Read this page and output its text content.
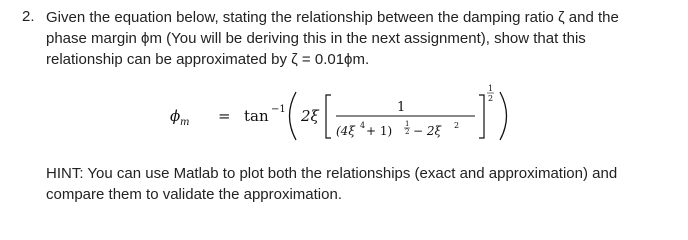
2. Given the equation below, stating the relationship between the damping ratio ζ and the
phase margin ϕm (You will be deriving this in the next assignment), show that this
relationship can be approximated by ζ = 0.01ϕm.
ϕ m = tan −1 2ξ	1
(4ξ 4 + 1) 1
2 − 2ξ 2
1
2
HINT: You can use Matlab to plot both the relationships (exact and approximation) and
compare them to validate the approximation.
